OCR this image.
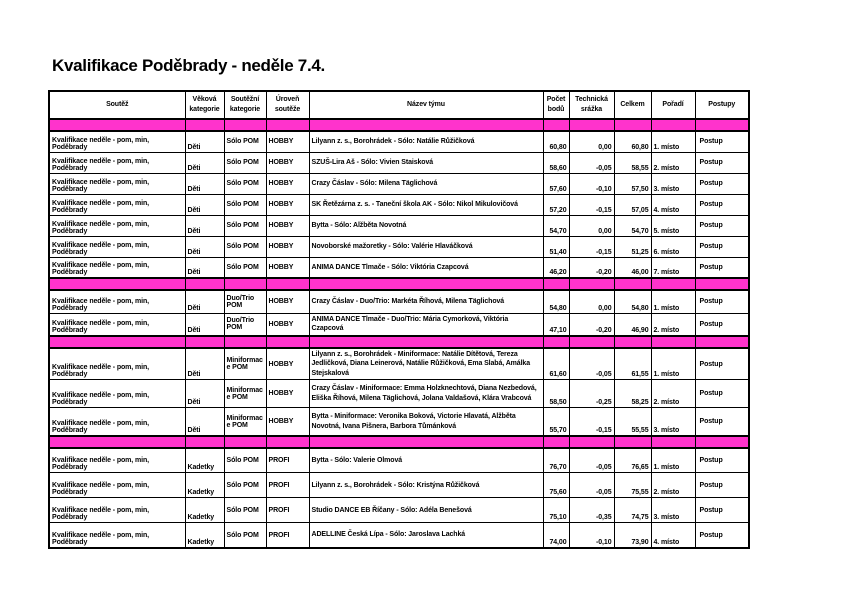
Kvalifikace Poděbrady - neděle 7.4.
Soutěž	Věková kategorie	Soutěžní kategorie	Úroveň soutěže	Název týmu	Počet bodů	Technická srážka	Celkem	Pořadí	Postupy

Kvalifikace neděle - pom, min, Poděbrady	Děti	Sólo POM	HOBBY	Lilyann z. s., Borohrádek - Sólo: Natálie Růžičková	60,80	0,00	60,80	1. místo	Postup
Kvalifikace neděle - pom, min, Poděbrady	Děti	Sólo POM	HOBBY	SZUŠ-Lira Aš - Sólo: Vivien Staisková	58,60	-0,05	58,55	2. místo	Postup
Kvalifikace neděle - pom, min, Poděbrady	Děti	Sólo POM	HOBBY	Crazy Čáslav - Sólo: Milena Täglichová	57,60	-0,10	57,50	3. místo	Postup
Kvalifikace neděle - pom, min, Poděbrady	Děti	Sólo POM	HOBBY	SK Řetězárna z. s. - Taneční škola AK - Sólo: Nikol Mikulovičová	57,20	-0,15	57,05	4. místo	Postup
Kvalifikace neděle - pom, min, Poděbrady	Děti	Sólo POM	HOBBY	Bytta - Sólo: Alžběta Novotná	54,70	0,00	54,70	5. místo	Postup
Kvalifikace neděle - pom, min, Poděbrady	Děti	Sólo POM	HOBBY	Novoborské mažoretky - Sólo: Valérie Hlaváčková	51,40	-0,15	51,25	6. místo	Postup
Kvalifikace neděle - pom, min, Poděbrady	Děti	Sólo POM	HOBBY	ANIMA DANCE Tlmače - Sólo: Viktória Czapcová	46,20	-0,20	46,00	7. místo	Postup

Kvalifikace neděle - pom, min, Poděbrady	Děti	Duo/Trio POM	HOBBY	Crazy Čáslav - Duo/Trio: Markéta Říhová, Milena Täglichová	54,80	0,00	54,80	1. místo	Postup
Kvalifikace neděle - pom, min, Poděbrady	Děti	Duo/Trio POM	HOBBY	ANIMA DANCE Tlmače - Duo/Trio: Mária Cymorková, Viktória Czapcová	47,10	-0,20	46,90	2. místo	Postup

Kvalifikace neděle - pom, min, Poděbrady	Děti	Miniformace POM	HOBBY	Lilyann z. s., Borohrádek - Miniformace: Natálie Dítětová, Tereza Jedličková, Diana Leinerová, Natálie Růžičková, Ema Slabá, Amálka Stejskalová	61,60	-0,05	61,55	1. místo	Postup
Kvalifikace neděle - pom, min, Poděbrady	Děti	Miniformace POM	HOBBY	Crazy Čáslav - Miniformace: Emma Holzknechtová, Diana Nezbedová, Eliška Říhová, Milena Täglichová, Jolana Valdašová, Klára Vrabcová	58,50	-0,25	58,25	2. místo	Postup
Kvalifikace neděle - pom, min, Poděbrady	Děti	Miniformace POM	HOBBY	Bytta - Miniformace: Veronika Boková, Victorie Hlavatá, Alžběta Novotná, Ivana Pišnera, Barbora Tůmánková	55,70	-0,15	55,55	3. místo	Postup

Kvalifikace neděle - pom, min, Poděbrady	Kadetky	Sólo POM	PROFI	Bytta - Sólo: Valerie Olmová	76,70	-0,05	76,65	1. místo	Postup
Kvalifikace neděle - pom, min, Poděbrady	Kadetky	Sólo POM	PROFI	Lilyann z. s., Borohrádek - Sólo: Kristýna Růžičková	75,60	-0,05	75,55	2. místo	Postup
Kvalifikace neděle - pom, min, Poděbrady	Kadetky	Sólo POM	PROFI	Studio DANCE EB Říčany - Sólo: Adéla Benešová	75,10	-0,35	74,75	3. místo	Postup
Kvalifikace neděle - pom, min, Poděbrady	Kadetky	Sólo POM	PROFI	ADELLINE Česká Lípa - Sólo: Jaroslava Lachká	74,00	-0,10	73,90	4. místo	Postup
